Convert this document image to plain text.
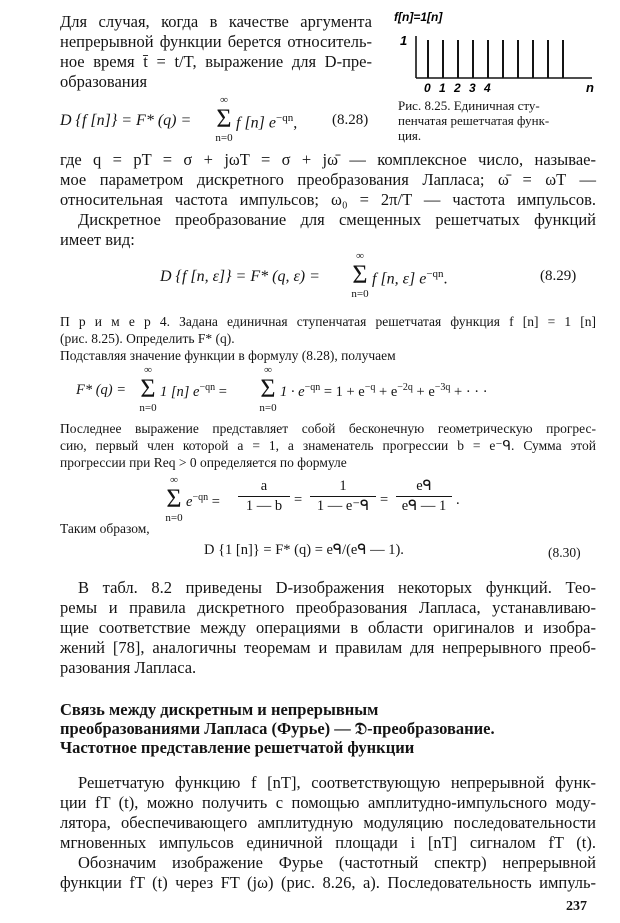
Для случая, когда в качестве аргумента
непрерывной функции берется относитель-
ное время t̄ = t/T, выражение для D-пре-
образования
D {f [n]} = F* (q) =
∞
Σ
n=0
f [n] $e^{-qn}$, (8.28)
f[n]=1[n]
1
0 1 2 3 4	n
Рис. 8.25. Единичная сту-
пенчатая решетчатая функ-
ция.
где q = pT = σ + jωT = σ + jω̄ — комплексное число, называе-
мое параметром дискретного преобразования Лапласа; ω̄ = ωT —
относительная частота импульсов; ω₀ = 2π/T — частота импульсов.
Дискретное преобразование для смещенных решетчатых функций
имеет вид:
D {f [n, ε]} = F* (q, ε) =
∞
Σ
n=0
f [n, ε] $e^{-qn}$.	(8.29)
П р и м е р 4. Задана единичная ступенчатая решетчатая функция f [n] = 1 [n]
(рис. 8.25). Определить F* (q).
Подставляя значение функции в формулу (8.28), получаем
F* (q) =
∞
Σ
n=0
1 [n] $e^{-qn}$ =
∞
Σ
n=0
$1 \cdot e^{-qn} = 1 + e^{-q} + e^{-2q} + e^{-3q}$ + · · ·
Последнее выражение представляет собой бесконечную геометрическую прогрес-
сию, первый член которой a = 1, а знаменатель прогрессии b = e⁻ᑫ. Сумма этой
прогрессии при Req > 0 определяется по формуле
∞
Σ
n=0
$e^{-qn}$ =
a
1 — b =
1
1 — e⁻ᑫ =
eᑫ
eᑫ — 1 .
Таким образом,
D {1 [n]} = F* (q) = eᑫ/(eᑫ — 1).	(8.30)
В табл. 8.2 приведены D-изображения некоторых функций. Тео-
ремы и правила дискретного преобразования Лапласа, устанавливаю-
щие соответствие между операциями в области оригиналов и изобра-
жений [78], аналогичны теоремам и правилам для непрерывного преоб-
разования Лапласа.
Связь между дискретным и непрерывным
преобразованиями Лапласа (Фурье) — 𝔇-преобразование.
Частотное представление решетчатой функции
Решетчатую функцию f [nT], соответствующую непрерывной функ-
ции fT (t), можно получить с помощью амплитудно-импульсного моду-
лятора, обеспечивающего амплитудную модуляцию последовательности
мгновенных импульсов единичной площади i [nT] сигналом fT (t).
Обозначим изображение Фурье (частотный спектр) непрерывной
функции fT (t) через FT (jω) (рис. 8.26, a). Последовательность импуль-
237
